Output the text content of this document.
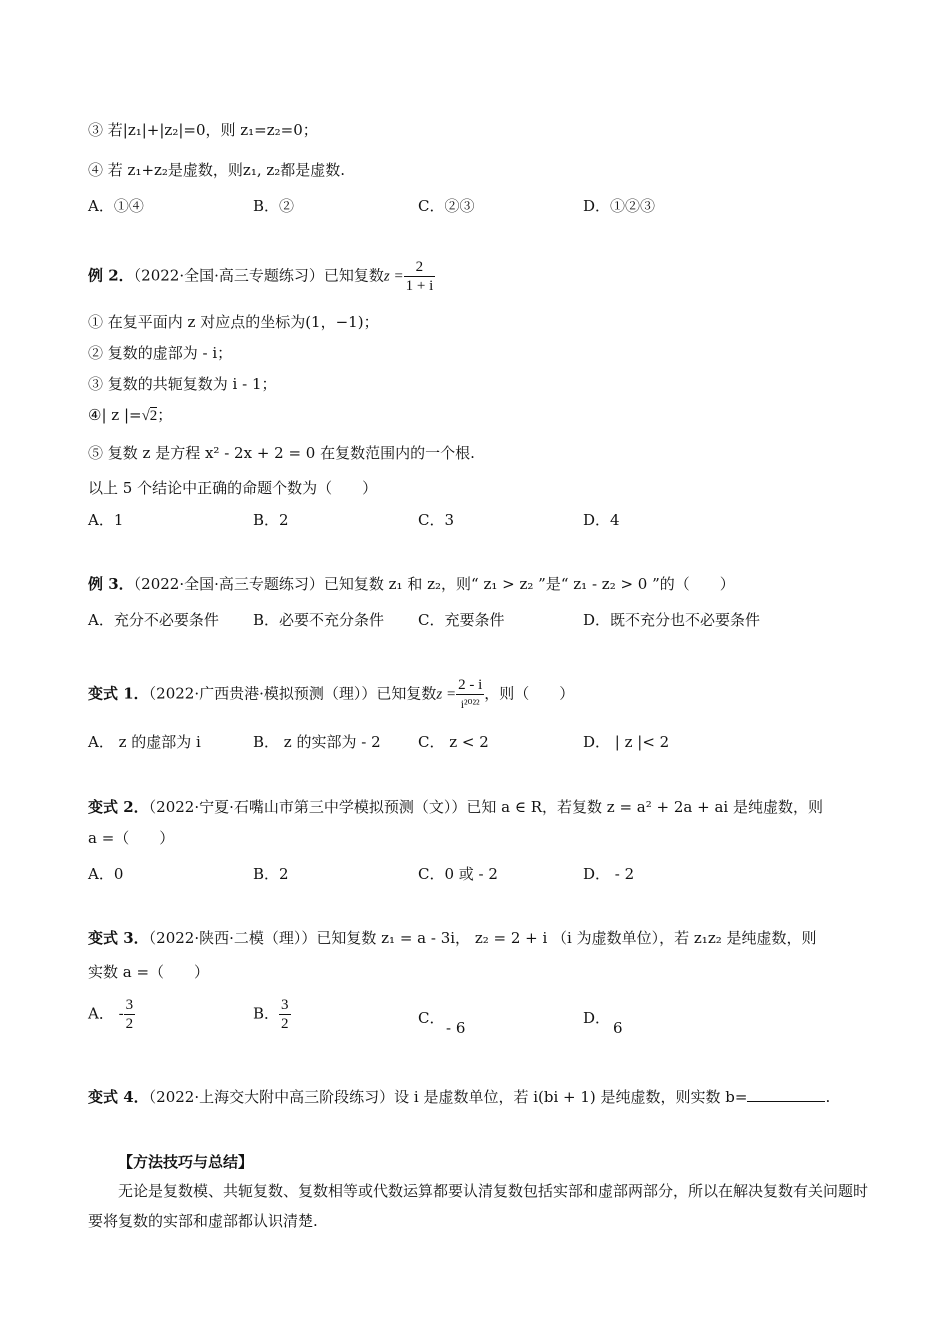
③ 若|z₁|+|z₂|=0，则 z₁=z₂=0；
④ 若 z₁+z₂是虚数，则z₁, z₂都是虚数.
A．①④	B．②	C．②③	D．①②③
例 2．（2022·全国·高三专题练习）已知复数$z = \frac{2}{1 + i}$
① 在复平面内 z 对应点的坐标为(1，−1)；
② 复数的虚部为 - i；
③ 复数的共轭复数为 i - 1；
④| z |=√2；
⑤ 复数 z 是方程 x² - 2x + 2 = 0 在复数范围内的一个根.
以上 5 个结论中正确的命题个数为（　　）
A．1	B．2	C．3	D．4
例 3．（2022·全国·高三专题练习）已知复数 z₁ 和 z₂，则“ z₁ > z₂ ”是“ z₁ - z₂ > 0 ”的（　　）
A．充分不必要条件 B．必要不充分条件 C．充要条件	D．既不充分也不必要条件
变式 1．（2022·广西贵港·模拟预测（理））已知复数$z = \frac{2 - i}{\text{i²⁰²²}}$ ，则（　　）
A． z 的虚部为 i	B． z 的实部为 - 2 C． z < 2	D． | z |< 2
变式 2．（2022·宁夏·石嘴山市第三中学模拟预测（文））已知 a ∈ R，若复数 z = a² + 2a + ai 是纯虚数，则
a =（　　）
A．0	B．2	C．0 或 - 2	D． - 2
变式 3．（2022·陕西·二模（理））已知复数 z₁ = a - 3i， z₂ = 2 + i （i 为虚数单位），若 z₁z₂ 是纯虚数，则
实数 a =（　　）
A． - $\frac{3}{2}$	B． $\frac{3}{2}$	C．
- 6
D．
6
变式 4．（2022·上海交大附中高三阶段练习）设 i 是虚数单位，若 i(bi + 1) 是纯虚数，则实数 b=	.
【方法技巧与总结】
无论是复数模、共轭复数、复数相等或代数运算都要认清复数包括实部和虚部两部分，所以在解决复数有关问题时要将复数的实部和虚部都认识清楚.
